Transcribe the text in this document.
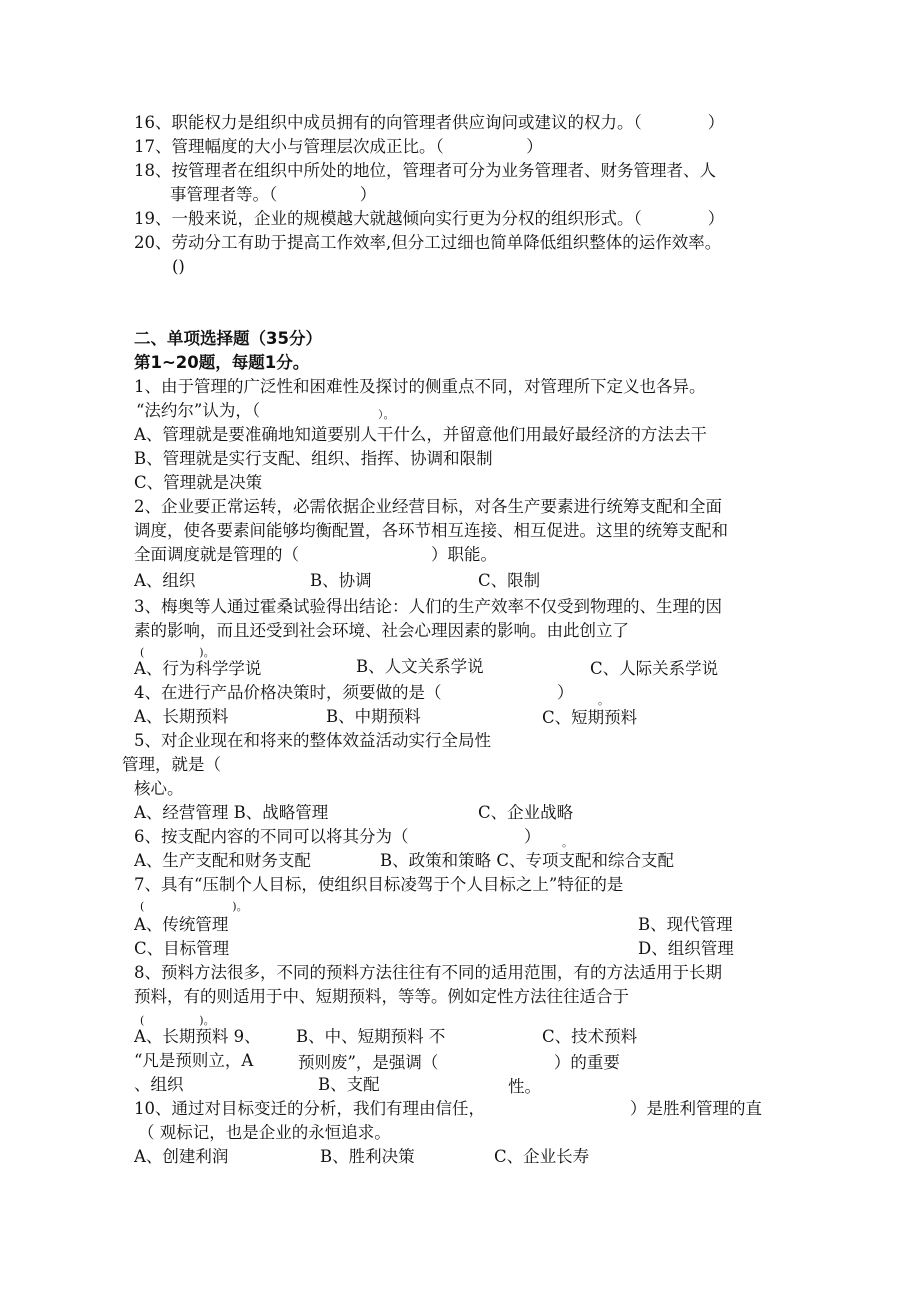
16、职能权力是组织中成员拥有的向管理者供应询问或建议的权力。（　　　　）
17、管理幅度的大小与管理层次成正比。（　　　　　）
18、按管理者在组织中所处的地位，管理者可分为业务管理者、财务管理者、人
事管理者等。（　　　　　）
19、一般来说，企业的规模越大就越倾向实行更为分权的组织形式。（　　　　）
20、劳动分工有助于提高工作效率,但分工过细也简单降低组织整体的运作效率。
()
二、单项选择题（35分）
第1~20题，每题1分。
1、由于管理的广泛性和困难性及探讨的侧重点不同，对管理所下定义也各异。
“法约尔”认为，（　　　　　	）。
A、管理就是要准确地知道要别人干什么，并留意他们用最好最经济的方法去干
B、管理就是实行支配、组织、指挥、协调和限制
C、管理就是决策
2、企业要正常运转，必需依据企业经营目标，对各生产要素进行统筹支配和全面
调度，使各要素间能够均衡配置，各环节相互连接、相互促进。这里的统筹支配和
全面调度就是管理的（　　　　　　　　）职能。
A、组织	B、协调	C、限制
3、梅奥等人通过霍桑试验得出结论：人们的生产效率不仅受到物理的、生理的因
素的影响，而且还受到社会环境、社会心理因素的影响。由此创立了
(　　　　　)。
A、行为科学学说	B、人文关系学说	C、人际关系学说
4、在进行产品价格决策时，须要做的是（　　　　　　　） 。
A、长期预料	B、中期预料	C、短期预料
5、对企业现在和将来的整体效益活动实行全局性
管理，就是（
核心。
A、经营管理 B、战略管理	C、企业战略
6、按支配内容的不同可以将其分为（　　　　　　　） 。
A、生产支配和财务支配	B、政策和策略 C、专项支配和综合支配
7、具有“压制个人目标，使组织目标凌驾于个人目标之上”特征的是
(　　　　　　　　)。
A、传统管理	B、现代管理
C、目标管理	D、组织管理
8、预料方法很多，不同的预料方法往往有不同的适用范围，有的方法适用于长期
预料，有的则适用于中、短期预料，等等。例如定性方法往往适合于
(　　　　　)。
A、长期预料 9、 B、中、短期预料 不	C、技术预料
“凡是预则立，A	预则废”，是强调（　　　　　　　）的重要
、组织	B、支配	性。
10、通过对目标变迁的分析，我们有理由信任，	）是胜利管理的直
（ 观标记，也是企业的永恒追求。
A、创建利润	B、胜利决策	C、企业长寿
